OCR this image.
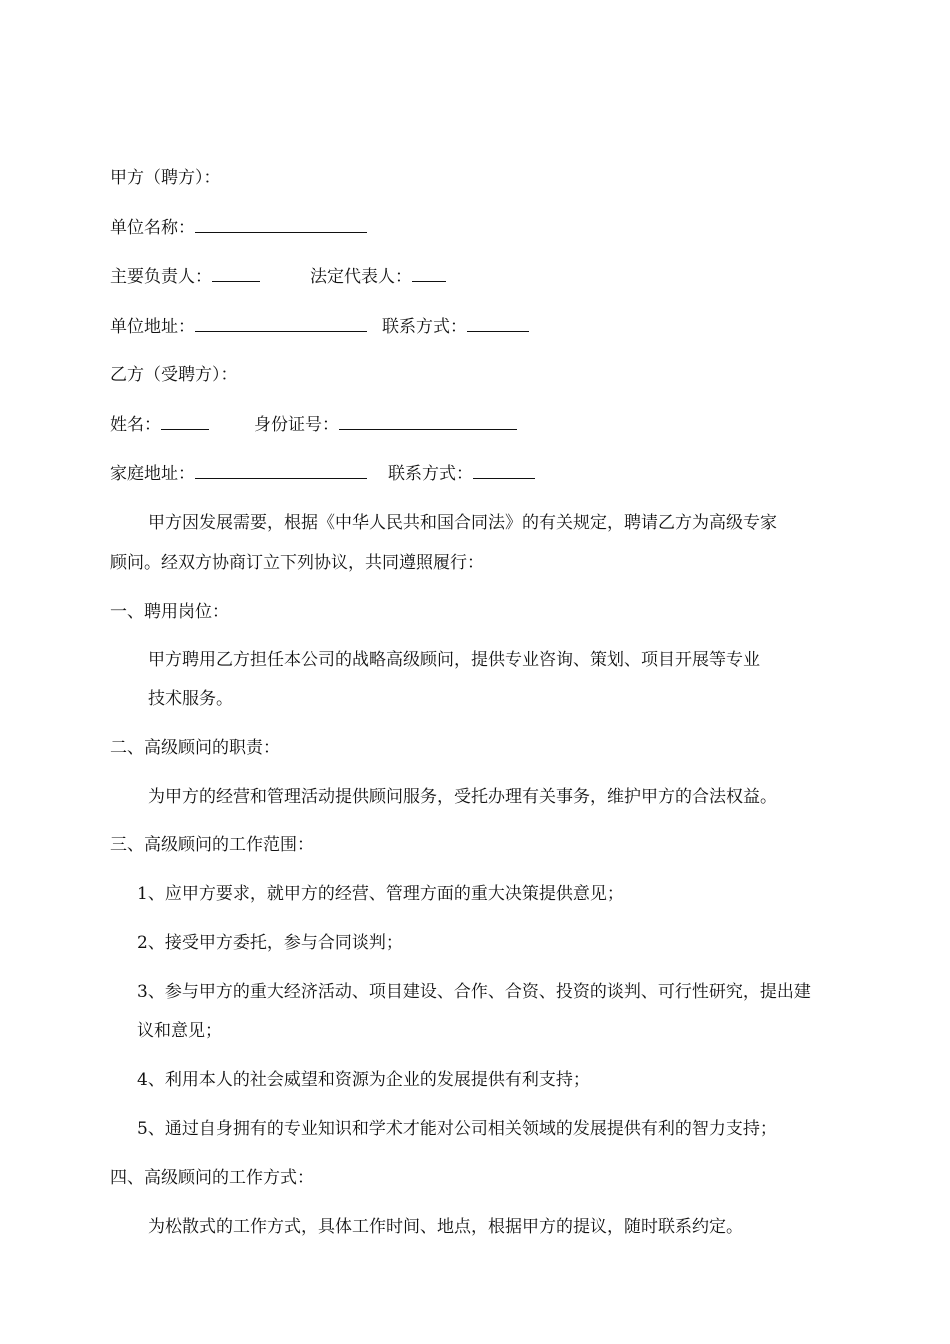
甲方（聘方）：
单位名称：
主要负责人：	法定代表人：
单位地址：	联系方式：
乙方（受聘方）：
姓名：	身份证号：
家庭地址：	联系方式：
甲方因发展需要，根据《中华人民共和国合同法》的有关规定，聘请乙方为高级专家
顾问。经双方协商订立下列协议，共同遵照履行：
一、聘用岗位：
甲方聘用乙方担任本公司的战略高级顾问，提供专业咨询、策划、项目开展等专业
技术服务。
二、高级顾问的职责：
为甲方的经营和管理活动提供顾问服务，受托办理有关事务，维护甲方的合法权益。
三、高级顾问的工作范围：
1、应甲方要求，就甲方的经营、管理方面的重大决策提供意见；
2、接受甲方委托，参与合同谈判；
3、参与甲方的重大经济活动、项目建设、合作、合资、投资的谈判、可行性研究，提出建
议和意见；
4、利用本人的社会威望和资源为企业的发展提供有利支持；
5、通过自身拥有的专业知识和学术才能对公司相关领域的发展提供有利的智力支持；
四、高级顾问的工作方式：
为松散式的工作方式，具体工作时间、地点，根据甲方的提议，随时联系约定。
